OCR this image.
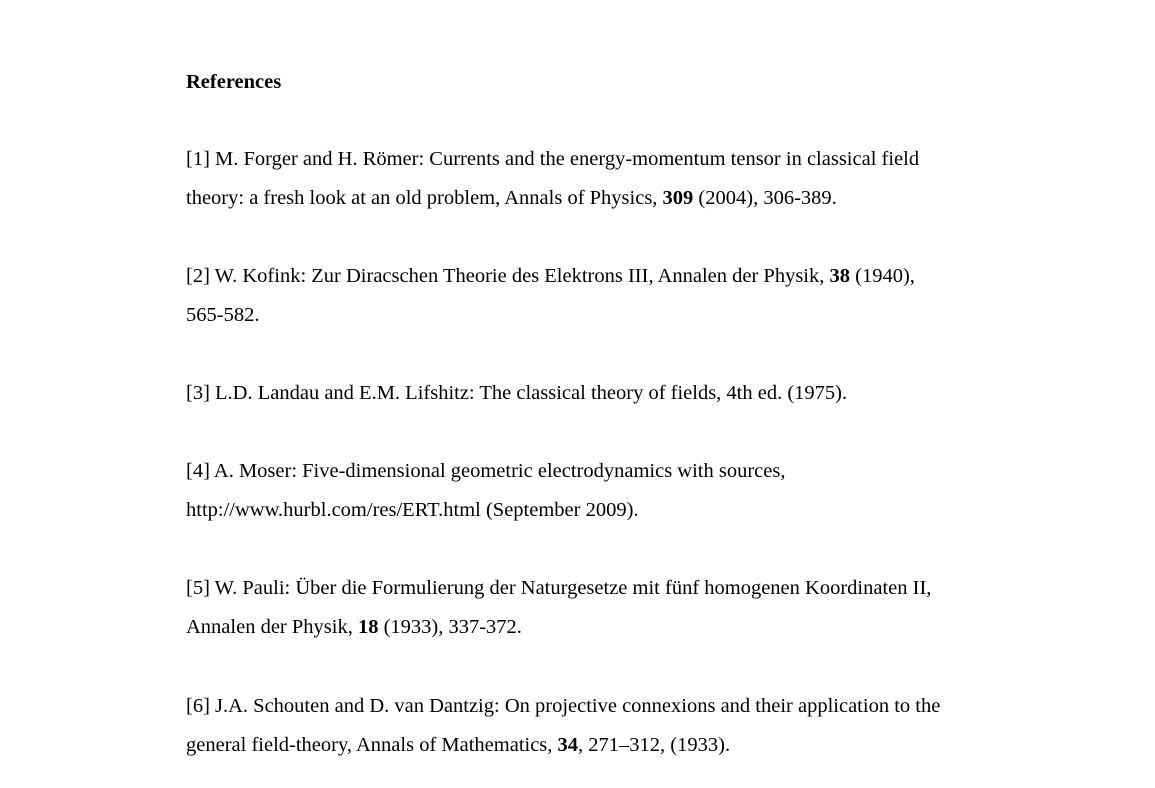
References
[1] M. Forger and H. Römer: Currents and the energy-momentum tensor in classical field
theory: a fresh look at an old problem, Annals of Physics, 309 (2004), 306-389.
[2] W. Kofink: Zur Diracschen Theorie des Elektrons III, Annalen der Physik, 38 (1940),
565-582.
[3] L.D. Landau and E.M. Lifshitz: The classical theory of fields, 4th ed. (1975).
[4] A. Moser: Five-dimensional geometric electrodynamics with sources,
http://www.hurbl.com/res/ERT.html (September 2009).
[5] W. Pauli: Über die Formulierung der Naturgesetze mit fünf homogenen Koordinaten II,
Annalen der Physik, 18 (1933), 337-372.
[6] J.A. Schouten and D. van Dantzig: On projective connexions and their application to the
general field-theory, Annals of Mathematics, 34, 271–312, (1933).
